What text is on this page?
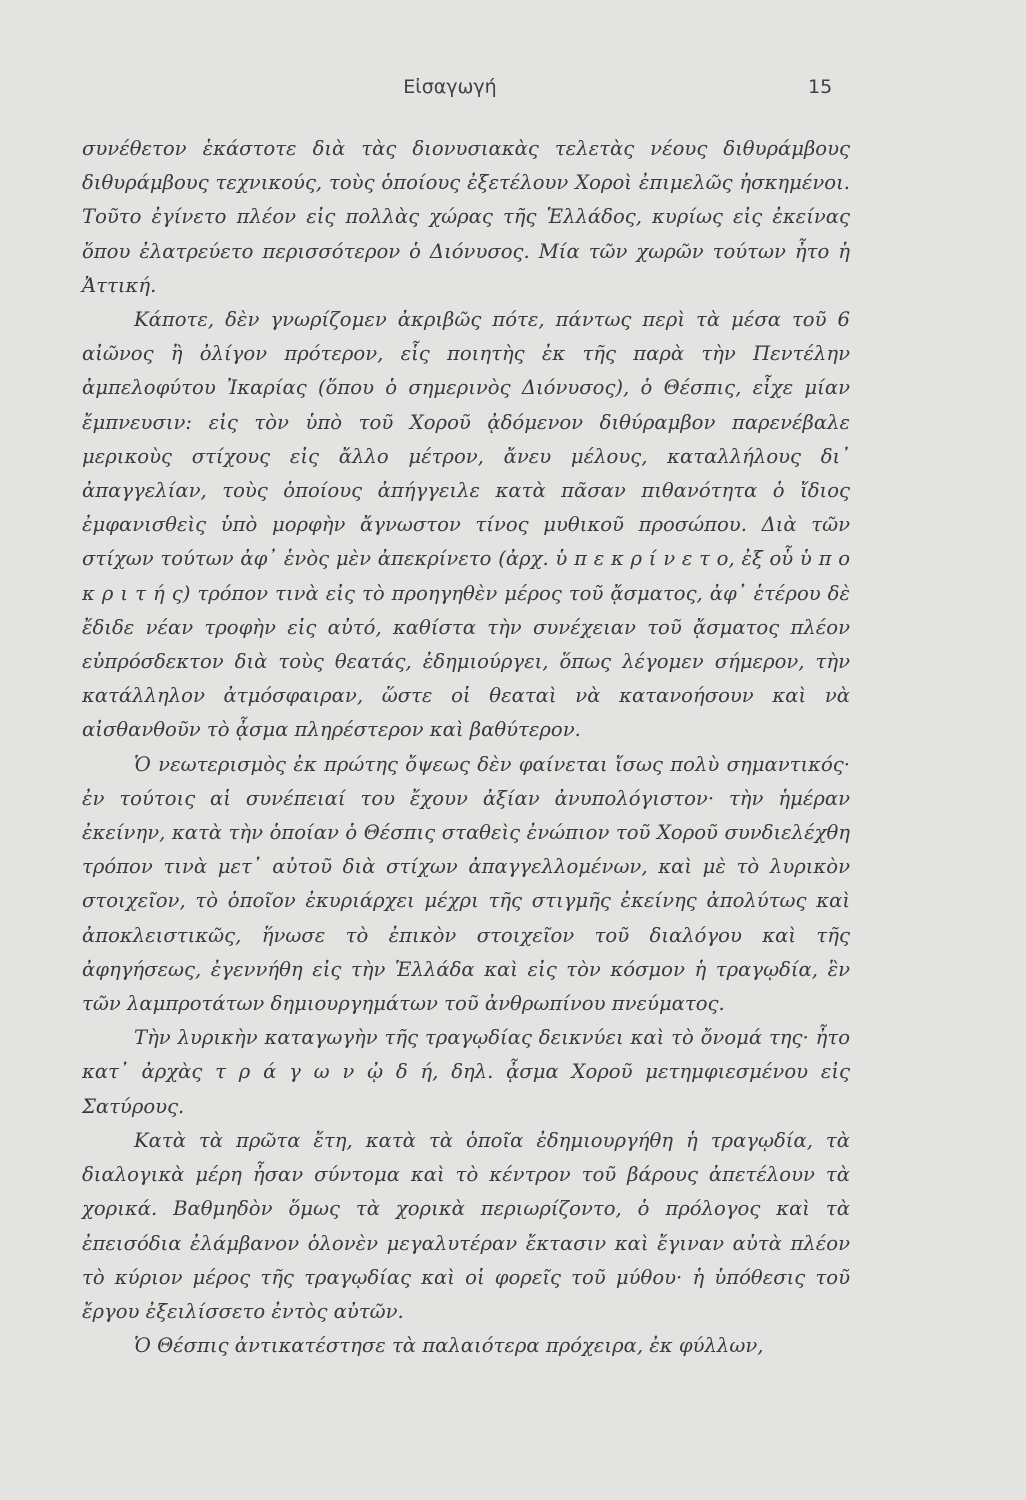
Εἰσαγωγή	15

συνέθετον ἑκάστοτε διὰ τὰς διονυσιακὰς τελετὰς νέους διθυράμβους διθυράμβους τεχνικούς, τοὺς ὁποίους ἐξετέλουν Χοροὶ ἐπιμελῶς ἠσκημένοι. Τοῦτο ἐγίνετο πλέον εἰς πολλὰς χώρας τῆς Ἑλλάδος, κυρίως εἰς ἐκείνας ὅπου ἐλατρεύετο περισσότερον ὁ Διόνυσος. Μία τῶν χωρῶν τούτων ἦτο ἡ Ἀττική.

Κάποτε, δὲν γνωρίζομεν ἀκριβῶς πότε, πάντως περὶ τὰ μέσα τοῦ 6 αἰῶνος ἢ ὀλίγον πρότερον, εἷς ποιητὴς ἐκ τῆς παρὰ τὴν Πεντέλην ἀμπελοφύτου Ἰκαρίας (ὅπου ὁ σημερινὸς Διόνυσος), ὁ Θέσπις, εἶχε μίαν ἔμπνευσιν: εἰς τὸν ὑπὸ τοῦ Χοροῦ ᾀδόμενον διθύραμβον παρενέβαλε μερικοὺς στίχους εἰς ἄλλο μέτρον, ἄνευ μέλους, καταλλήλους δι᾽ ἀπαγγελίαν, τοὺς ὁποίους ἀπήγγειλε κατὰ πᾶσαν πιθανότητα ὁ ἴδιος ἐμφανισθεὶς ὑπὸ μορφὴν ἄγνωστον τίνος μυθικοῦ προσώπου. Διὰ τῶν στίχων τούτων ἀφ᾽ ἑνὸς μὲν ἀπεκρίνετο (ἀρχ. ὑ π ε κ ρ ί ν ε τ ο, ἐξ οὗ ὑ π ο κ ρ ι τ ή ς) τρόπον τινὰ εἰς τὸ προηγηθὲν μέρος τοῦ ᾄσματος, ἀφ᾽ ἑτέρου δὲ ἔδιδε νέαν τροφὴν εἰς αὐτό, καθίστα τὴν συνέχειαν τοῦ ᾄσματος πλέον εὐπρόσδεκτον διὰ τοὺς θεατάς, ἐδημιούργει, ὅπως λέγομεν σήμερον, τὴν κατάλληλον ἀτμόσφαιραν, ὥστε οἱ θεαταὶ νὰ κατανοήσουν καὶ νὰ αἰσθανθοῦν τὸ ᾆσμα πληρέστερον καὶ βαθύτερον.

Ὁ νεωτερισμὸς ἐκ πρώτης ὄψεως δὲν φαίνεται ἴσως πολὺ σημαντικός· ἐν τούτοις αἱ συνέπειαί του ἔχουν ἀξίαν ἀνυπολόγιστον· τὴν ἡμέραν ἐκείνην, κατὰ τὴν ὁποίαν ὁ Θέσπις σταθεὶς ἐνώπιον τοῦ Χοροῦ συνδιελέχθη τρόπον τινὰ μετ᾽ αὐτοῦ διὰ στίχων ἀπαγγελλομένων, καὶ μὲ τὸ λυρικὸν στοιχεῖον, τὸ ὁποῖον ἐκυριάρχει μέχρι τῆς στιγμῆς ἐκείνης ἀπολύτως καὶ ἀποκλειστικῶς, ἥνωσε τὸ ἐπικὸν στοιχεῖον τοῦ διαλόγου καὶ τῆς ἀφηγήσεως, ἐγεννήθη εἰς τὴν Ἑλλάδα καὶ εἰς τὸν κόσμον ἡ τραγῳδία, ἓν τῶν λαμπροτάτων δημιουργημάτων τοῦ ἀνθρωπίνου πνεύματος.

Τὴν λυρικὴν καταγωγὴν τῆς τραγῳδίας δεικνύει καὶ τὸ ὄνομά της· ἦτο κατ᾽ ἀρχὰς τ ρ ά γ ω ν ᾠ δ ή, δηλ. ᾆσμα Χοροῦ μετημφιεσμένου εἰς Σατύρους.

Κατὰ τὰ πρῶτα ἔτη, κατὰ τὰ ὁποῖα ἐδημιουργήθη ἡ τραγῳδία, τὰ διαλογικὰ μέρη ἦσαν σύντομα καὶ τὸ κέντρον τοῦ βάρους ἀπετέλουν τὰ χορικά. Βαθμηδὸν ὅμως τὰ χορικὰ περιωρίζοντο, ὁ πρόλογος καὶ τὰ ἐπεισόδια ἐλάμβανον ὁλονὲν μεγαλυτέραν ἔκτασιν καὶ ἔγιναν αὐτὰ πλέον τὸ κύριον μέρος τῆς τραγῳδίας καὶ οἱ φορεῖς τοῦ μύθου· ἡ ὑπόθεσις τοῦ ἔργου ἐξειλίσσετο ἐντὸς αὐτῶν.

Ὁ Θέσπις ἀντικατέστησε τὰ παλαιότερα πρόχειρα, ἐκ φύλλων,
